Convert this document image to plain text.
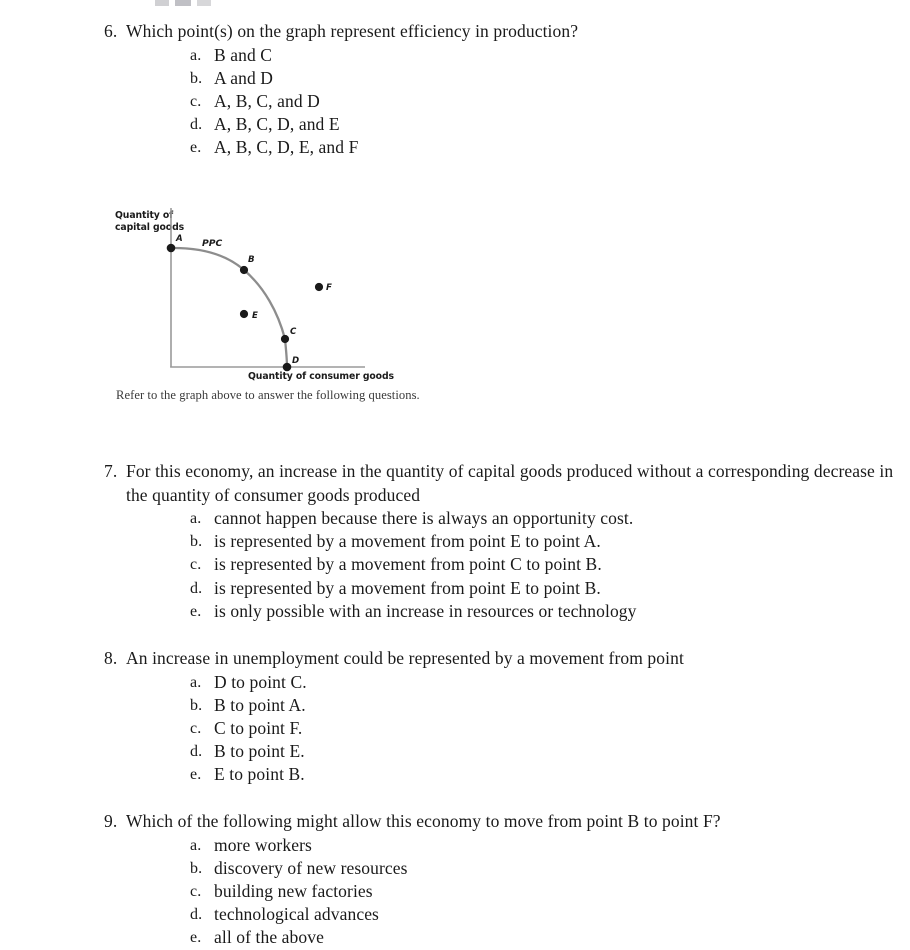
6. Which point(s) on the graph represent efficiency in production?
a. B and C
b. A and D
c. A, B, C, and D
d. A, B, C, D, and E
e. A, B, C, D, E, and F
Quantity of
capital goods
A
B
C
D
E
F
PPC
Quantity of consumer goods
Refer to the graph above to answer the following questions.
7. For this economy, an increase in the quantity of capital goods produced without a corresponding decrease in the quantity of consumer goods produced
a. cannot happen because there is always an opportunity cost.
b. is represented by a movement from point E to point A.
c. is represented by a movement from point C to point B.
d. is represented by a movement from point E to point B.
e. is only possible with an increase in resources or technology
8. An increase in unemployment could be represented by a movement from point
a. D to point C.
b. B to point A.
c. C to point F.
d. B to point E.
e. E to point B.
9. Which of the following might allow this economy to move from point B to point F?
a. more workers
b. discovery of new resources
c. building new factories
d. technological advances
e. all of the above
